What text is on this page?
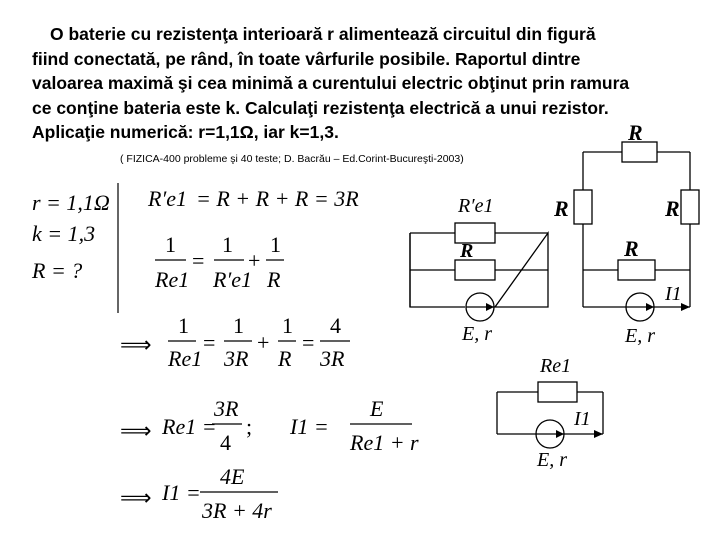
O baterie cu rezistenţa interioară r alimentează circuitul din figură
fiind conectată, pe rând, în toate vârfurile posibile. Raportul dintre
valoarea maximă şi cea minimă a curentului electric obţinut prin ramura
ce conţine bateria este k. Calculaţi rezistenţa electrică a unui rezistor.
Aplicaţie numerică: r=1,1Ω, iar k=1,3.
( FIZICA-400 probleme şi 40 teste; D. Bacrău – Ed.Corint-Bucureşti-2003)
r = 1,1Ω
k = 1,3
R = ?
R′e1 = R + R + R = 3R
1
Re1
=
1
R′e1
+
1
R
⟹
1
Re1
=
1
3R
+
1
R
=
4
3R
⟹ Re1 =
3R
4
; I1 =
E
Re1 + r
⟹ I1 =
4E
3R + 4r
R′e1
R
E, r
R
R	R
R
I1
E, r
Re1
I1
E, r
